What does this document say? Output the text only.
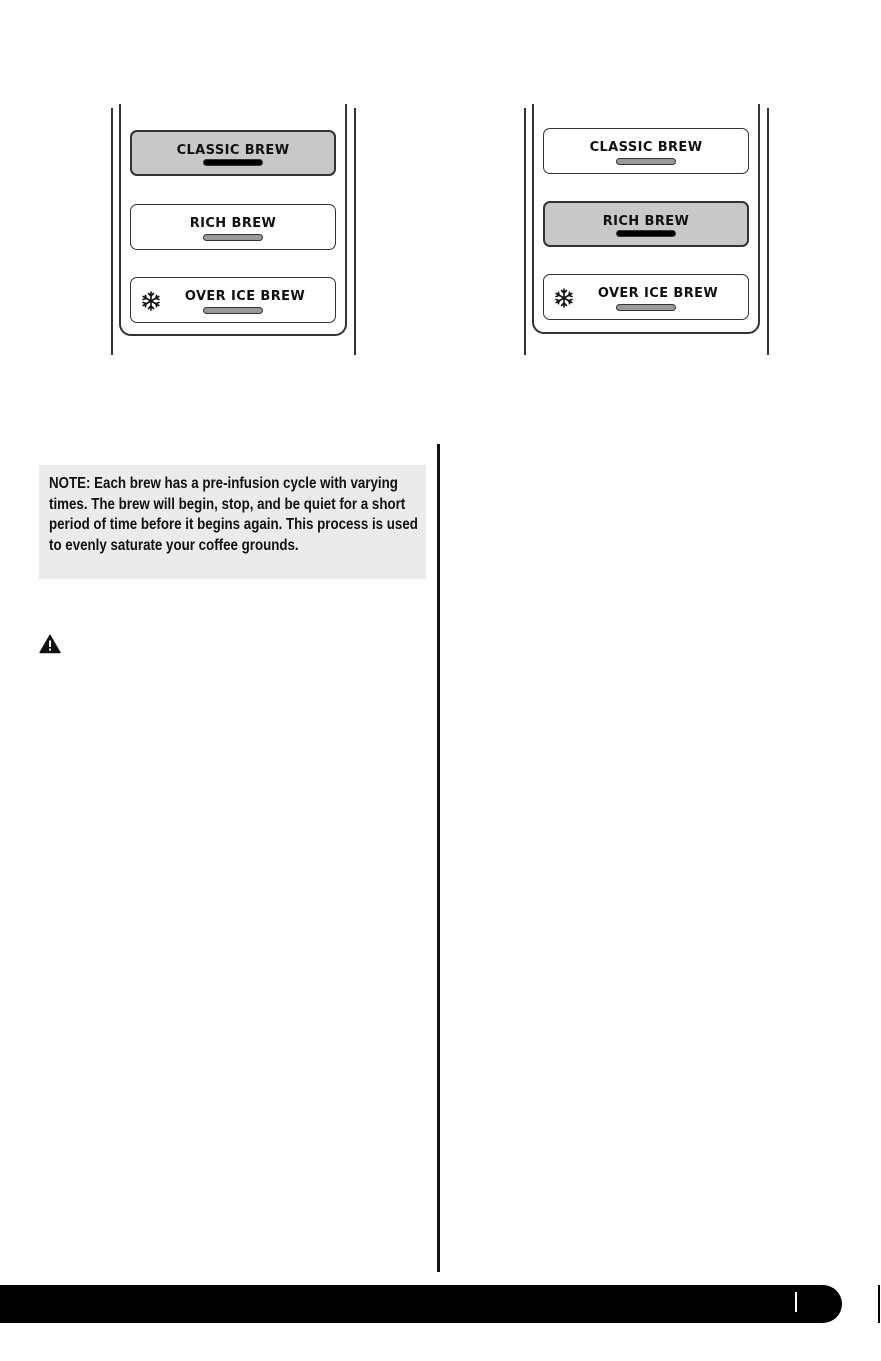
CLASSIC BREW
RICH BREW
OVER ICE BREW
CLASSIC BREW
RICH BREW
OVER ICE BREW

NOTE: Each brew has a pre-infusion cycle with varying times. The brew will begin, stop, and be quiet for a short period of time before it begins again. This process is used to evenly saturate your coffee grounds.
